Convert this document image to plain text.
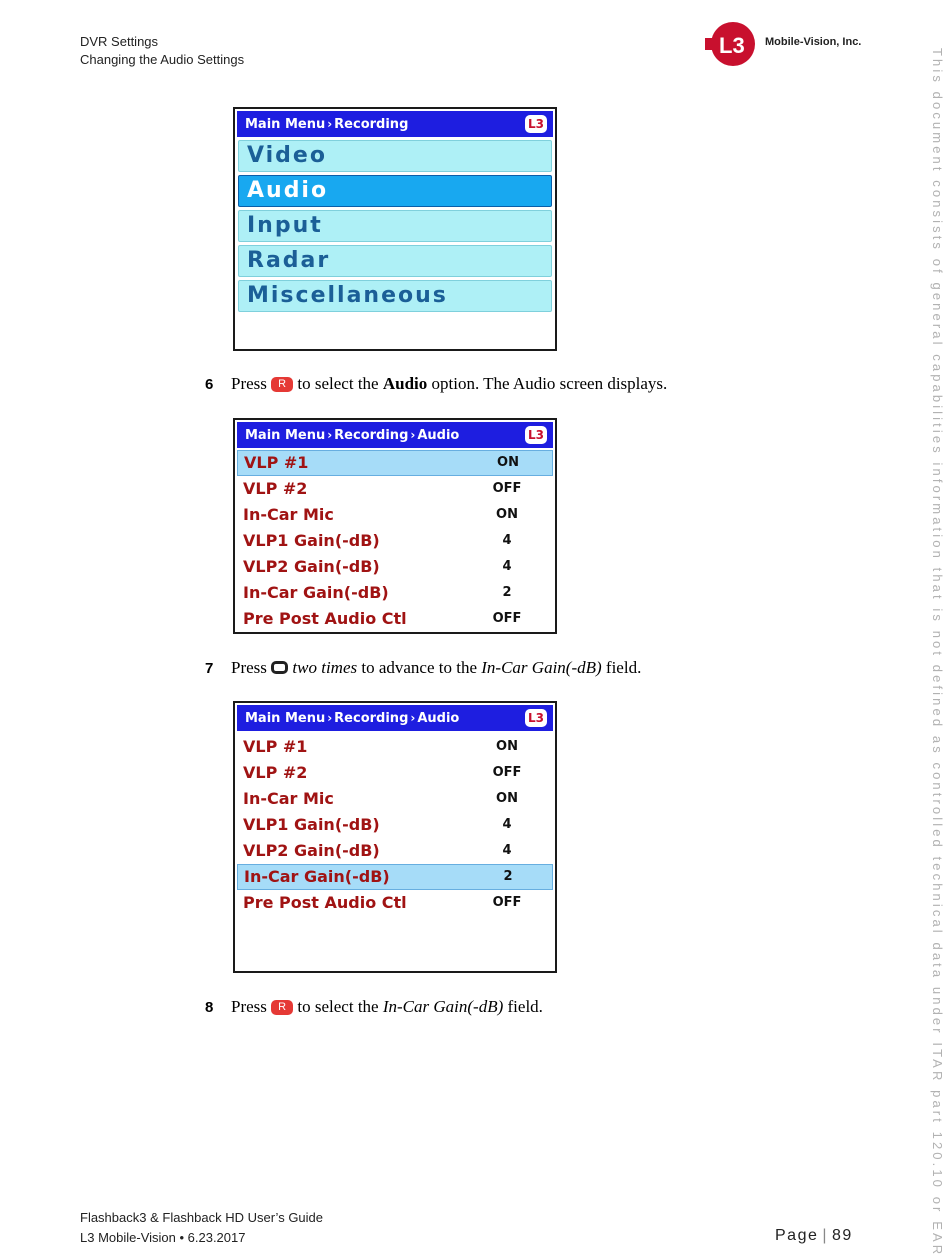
DVR Settings
Changing the Audio Settings
L3 Mobile-Vision, Inc.
This document consists of general capabilities information that is not defined as controlled technical data under ITAR part 120.10 or EAR
Main Menu › Recording	L3
Video
Audio
Input
Radar
Miscellaneous
6 Press R to select the Audio option. The Audio screen displays.
Main Menu › Recording › Audio	L3
VLP #1	ON
VLP #2	OFF
In-Car Mic	ON
VLP1 Gain(-dB)	4
VLP2 Gain(-dB)	4
In-Car Gain(-dB)	2
Pre Post Audio Ctl	OFF
7 Press two times to advance to the In-Car Gain(-dB) field.
Main Menu › Recording › Audio	L3
VLP #1	ON
VLP #2	OFF
In-Car Mic	ON
VLP1 Gain(-dB)	4
VLP2 Gain(-dB)	4
In-Car Gain(-dB)	2
Pre Post Audio Ctl	OFF
8 Press R to select the In-Car Gain(-dB) field.
Flashback3 & Flashback HD User’s Guide
L3 Mobile-Vision • 6.23.2017	Page | 89
